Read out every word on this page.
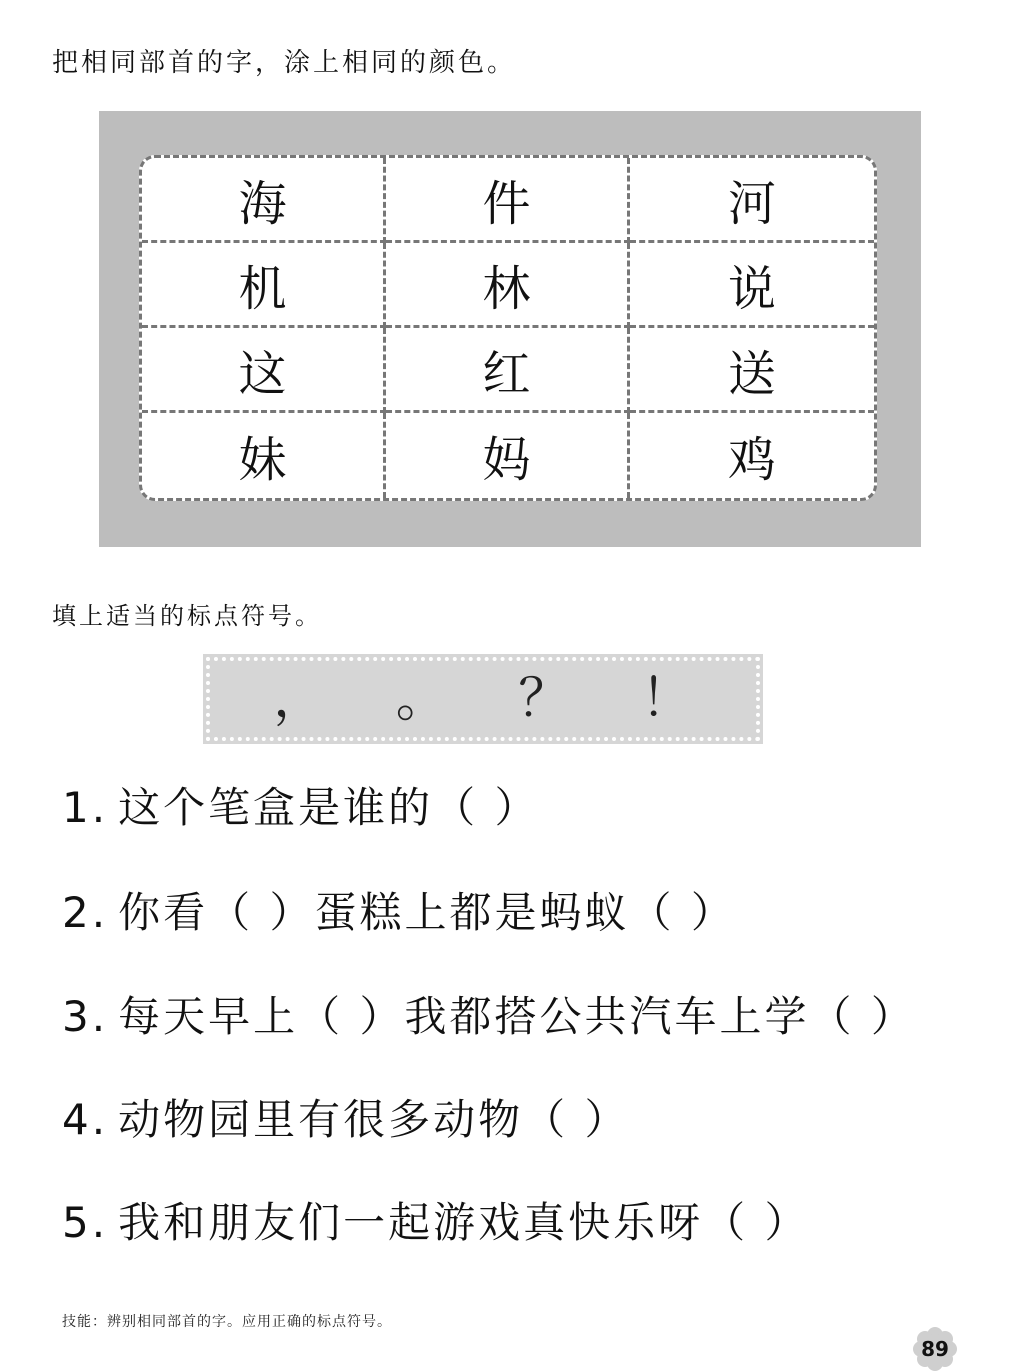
把相同部首的字，涂上相同的颜色。
海	件	河
机	林	说
这	红	送
妹	妈	鸡
填上适当的标点符号。
， 。 ？ ！
1. 这个笔盒是谁的（ ）
2. 你看（ ）蛋糕上都是蚂蚁（ ）
3. 每天早上（ ）我都搭公共汽车上学（ ）
4. 动物园里有很多动物（ ）
5. 我和朋友们一起游戏真快乐呀（ ）
技能：辨别相同部首的字。应用正确的标点符号。
89
